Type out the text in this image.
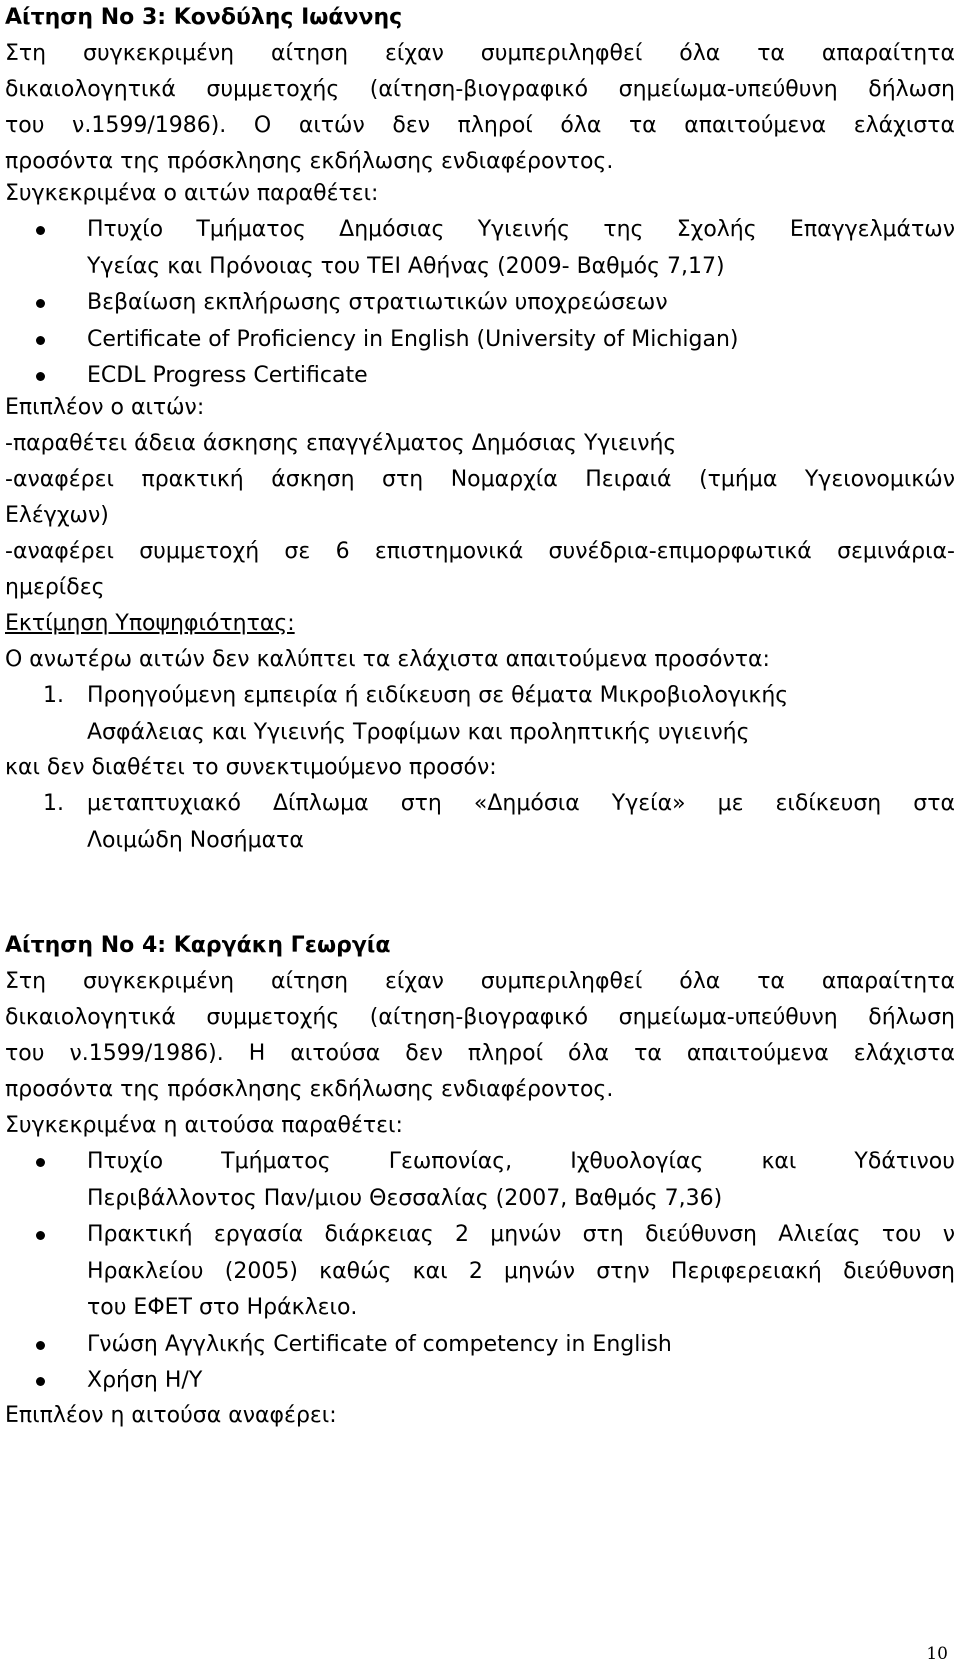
Αίτηση No 3: Κονδύλης Ιωάννης
Στη συγκεκριμένη αίτηση είχαν συμπεριληφθεί όλα τα απαραίτητα
δικαιολογητικά συμμετοχής (αίτηση-βιογραφικό σημείωμα-υπεύθυνη δήλωση
του ν.1599/1986). Ο αιτών δεν πληροί όλα τα απαιτούμενα ελάχιστα
προσόντα της πρόσκλησης εκδήλωσης ενδιαφέροντος.
Συγκεκριμένα ο αιτών παραθέτει:
Πτυχίο Τμήματος Δημόσιας Υγιεινής της Σχολής Επαγγελμάτων
Υγείας και Πρόνοιας του ΤΕΙ Αθήνας (2009- Βαθμός 7,17)
Βεβαίωση εκπλήρωσης στρατιωτικών υποχρεώσεων
Certificate of Proficiency in English (University of Michigan)
ECDL Progress Certificate
Επιπλέον ο αιτών:
-παραθέτει άδεια άσκησης επαγγέλματος Δημόσιας Υγιεινής
-αναφέρει πρακτική άσκηση στη Νομαρχία Πειραιά (τμήμα Υγειονομικών
Ελέγχων)
-αναφέρει συμμετοχή σε 6 επιστημονικά συνέδρια-επιμορφωτικά σεμινάρια-
ημερίδες
Εκτίμηση Υποψηφιότητας:
Ο ανωτέρω αιτών δεν καλύπτει τα ελάχιστα απαιτούμενα προσόντα:
1. Προηγούμενη εμπειρία ή ειδίκευση σε θέματα Μικροβιολογικής
Ασφάλειας και Υγιεινής Τροφίμων και προληπτικής υγιεινής
και δεν διαθέτει το συνεκτιμούμενο προσόν:
1. μεταπτυχιακό Δίπλωμα στη «Δημόσια Υγεία» με ειδίκευση στα
Λοιμώδη Νοσήματα
Αίτηση No 4: Καργάκη Γεωργία
Στη συγκεκριμένη αίτηση είχαν συμπεριληφθεί όλα τα απαραίτητα
δικαιολογητικά συμμετοχής (αίτηση-βιογραφικό σημείωμα-υπεύθυνη δήλωση
του ν.1599/1986). Η αιτούσα δεν πληροί όλα τα απαιτούμενα ελάχιστα
προσόντα της πρόσκλησης εκδήλωσης ενδιαφέροντος.
Συγκεκριμένα η αιτούσα παραθέτει:
Πτυχίο Τμήματος Γεωπονίας, Ιχθυολογίας και Υδάτινου
Περιβάλλοντος Παν/μιου Θεσσαλίας (2007, Βαθμός 7,36)
Πρακτική εργασία διάρκειας 2 μηνών στη διεύθυνση Αλιείας του ν
Ηρακλείου (2005) καθώς και 2 μηνών στην Περιφερειακή διεύθυνση
του ΕΦΕΤ στο Ηράκλειο.
Γνώση Αγγλικής Certificate of competency in English
Χρήση Η/Υ
Επιπλέον η αιτούσα αναφέρει:
10
